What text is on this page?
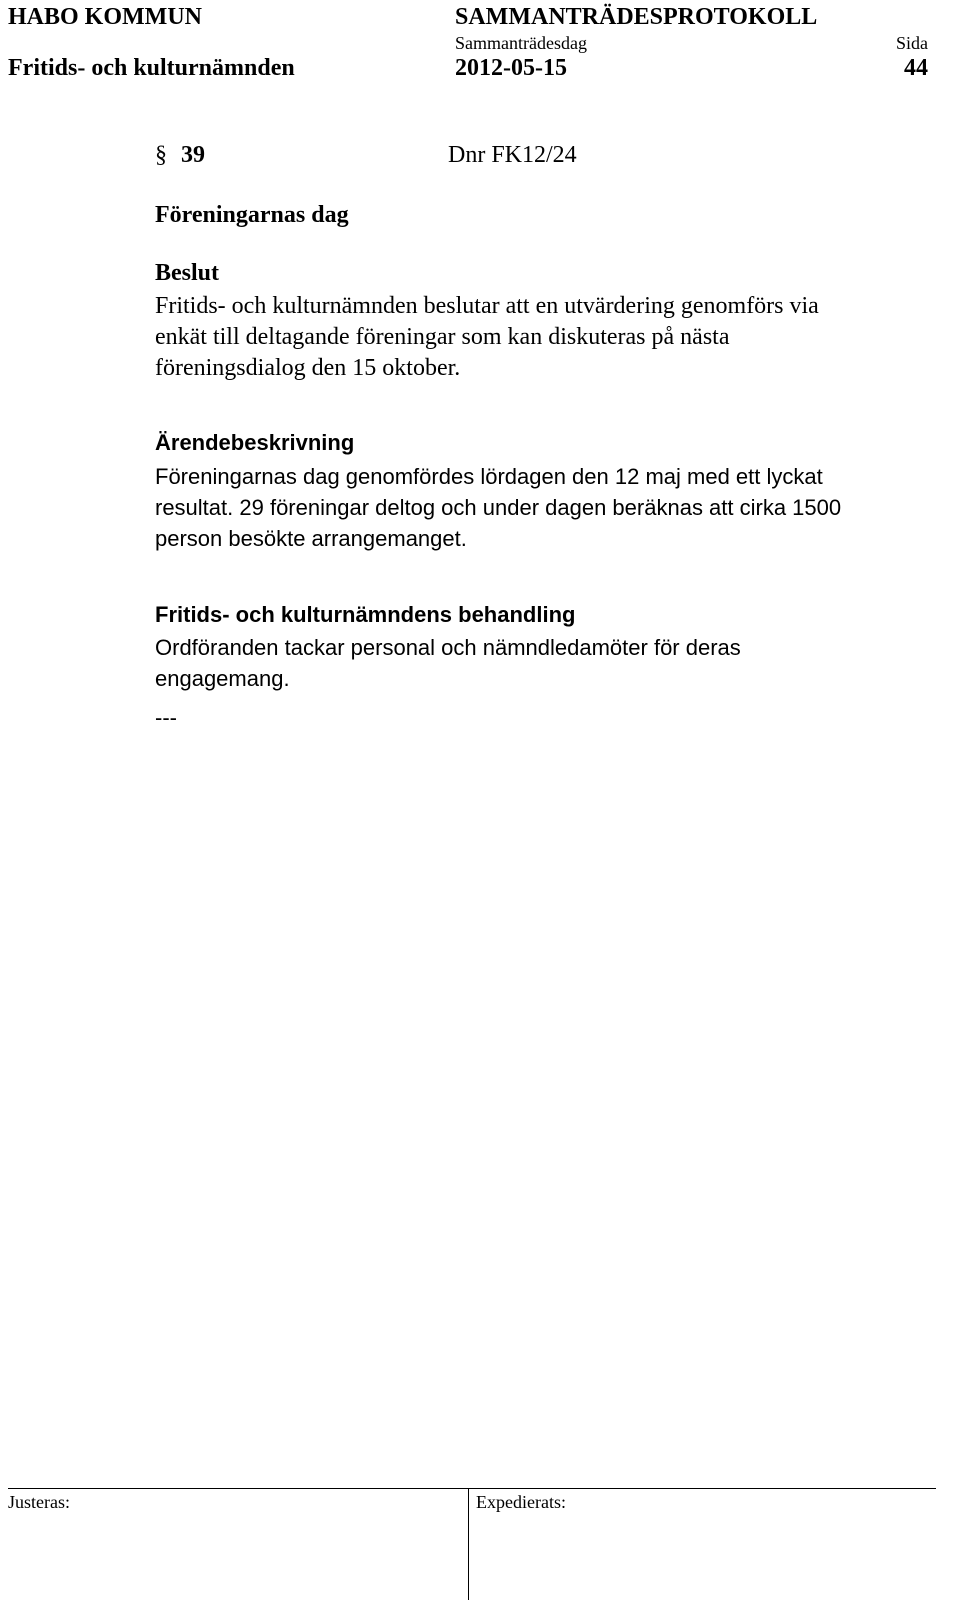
HABO KOMMUN
Fritids- och kulturnämnden
SAMMANTRÄDESPROTOKOLL
Sammanträdesdag
2012-05-15
Sida
44
§ 39	Dnr FK12/24
Föreningarnas dag
Beslut
Fritids- och kulturnämnden beslutar att en utvärdering genomförs via
enkät till deltagande föreningar som kan diskuteras på nästa
föreningsdialog den 15 oktober.
Ärendebeskrivning
Föreningarnas dag genomfördes lördagen den 12 maj med ett lyckat
resultat. 29 föreningar deltog och under dagen beräknas att cirka 1500
person besökte arrangemanget.
Fritids- och kulturnämndens behandling
Ordföranden tackar personal och nämndledamöter för deras
engagemang.
---
Justeras:	Expedierats:
